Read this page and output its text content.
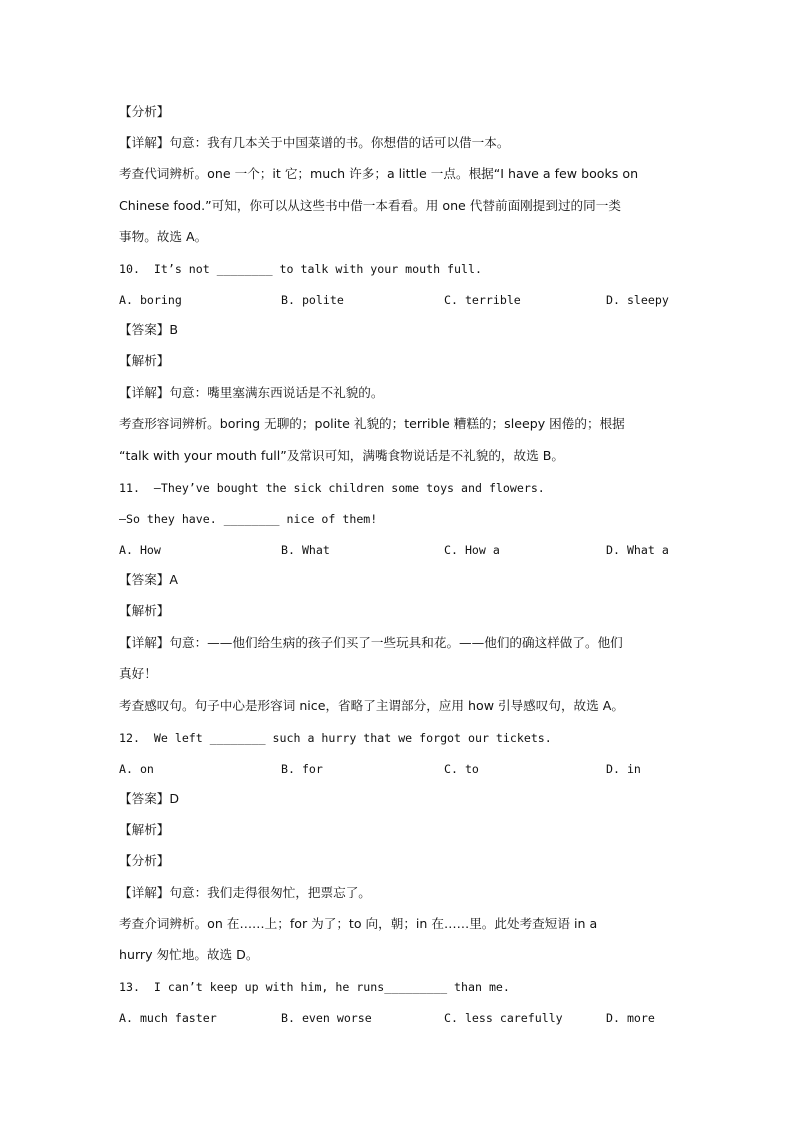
【分析】
【详解】句意：我有几本关于中国菜谱的书。你想借的话可以借一本。
考查代词辨析。one 一个；it 它；much 许多；a little 一点。根据“I have a few books on
Chinese food.”可知，你可以从这些书中借一本看看。用 one 代替前面刚提到过的同一类
事物。故选 A。
10.  It’s not ________ to talk with your mouth full.
A. boring	B. polite	C. terrible	D. sleepy
【答案】B
【解析】
【详解】句意：嘴里塞满东西说话是不礼貌的。
考查形容词辨析。boring 无聊的；polite 礼貌的；terrible 糟糕的；sleepy 困倦的；根据
“talk with your mouth full”及常识可知，满嘴食物说话是不礼貌的，故选 B。
11.  —They’ve bought the sick children some toys and flowers.
—So they have. ________ nice of them!
A. How	B. What	C. How a	D. What a
【答案】A
【解析】
【详解】句意：——他们给生病的孩子们买了一些玩具和花。——他们的确这样做了。他们
真好！
考查感叹句。句子中心是形容词 nice，省略了主谓部分，应用 how 引导感叹句，故选 A。
12.  We left ________ such a hurry that we forgot our tickets.
A. on	B. for	C. to	D. in
【答案】D
【解析】
【分析】
【详解】句意：我们走得很匆忙，把票忘了。
考查介词辨析。on 在……上；for 为了；to 向，朝；in 在……里。此处考查短语 in a
hurry 匆忙地。故选 D。
13.  I can’t keep up with him, he runs_________ than me.
A. much faster	B. even worse	C. less carefully	D. more
